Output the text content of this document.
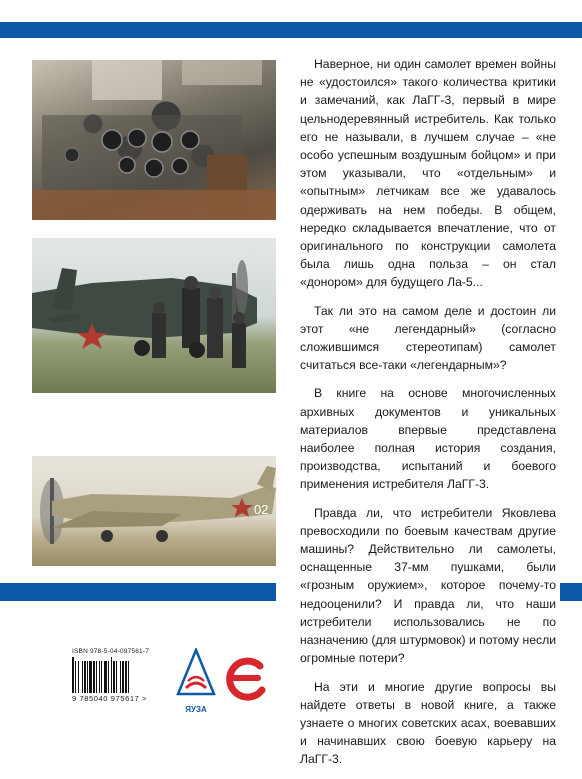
02

Наверное, ни один самолет времен войны не «удостоился» такого количества критики и замечаний, как ЛаГГ-3, первый в мире цельнодеревянный истребитель. Как только его не называли, в лучшем случае – «не особо успешным воздушным бойцом» и при этом указывали, что «отдельным» и «опытным» летчикам все же удавалось одерживать на нем победы. В общем, нередко складывается впечатление, что от оригинального по конструкции самолета была лишь одна польза – он стал «донором» для будущего Ла-5...

Так ли это на самом деле и достоин ли этот «не легендарный» (согласно сложившимся стереотипам) самолет считаться все-таки «легендарным»?

В книге на основе многочисленных архивных документов и уникальных материалов впервые представлена наиболее полная история создания, производства, испытаний и боевого применения истребителя ЛаГГ-3.

Правда ли, что истребители Яковлева превосходили по боевым качествам другие машины? Действительно ли самолеты, оснащенные 37-мм пушками, были «грозным оружием», которое почему-то недооценили? И правда ли, что наши истребители использовались не по назначению (для штурмовок) и потому несли огромные потери?

На эти и многие другие вопросы вы найдете ответы в новой книге, а также узнаете о многих советских асах, воевавших и начинавших свою боевую карьеру на ЛаГГ-3.

ISBN 978-5-04-097561-7
9 785040 975617 >
ЯУЗА
